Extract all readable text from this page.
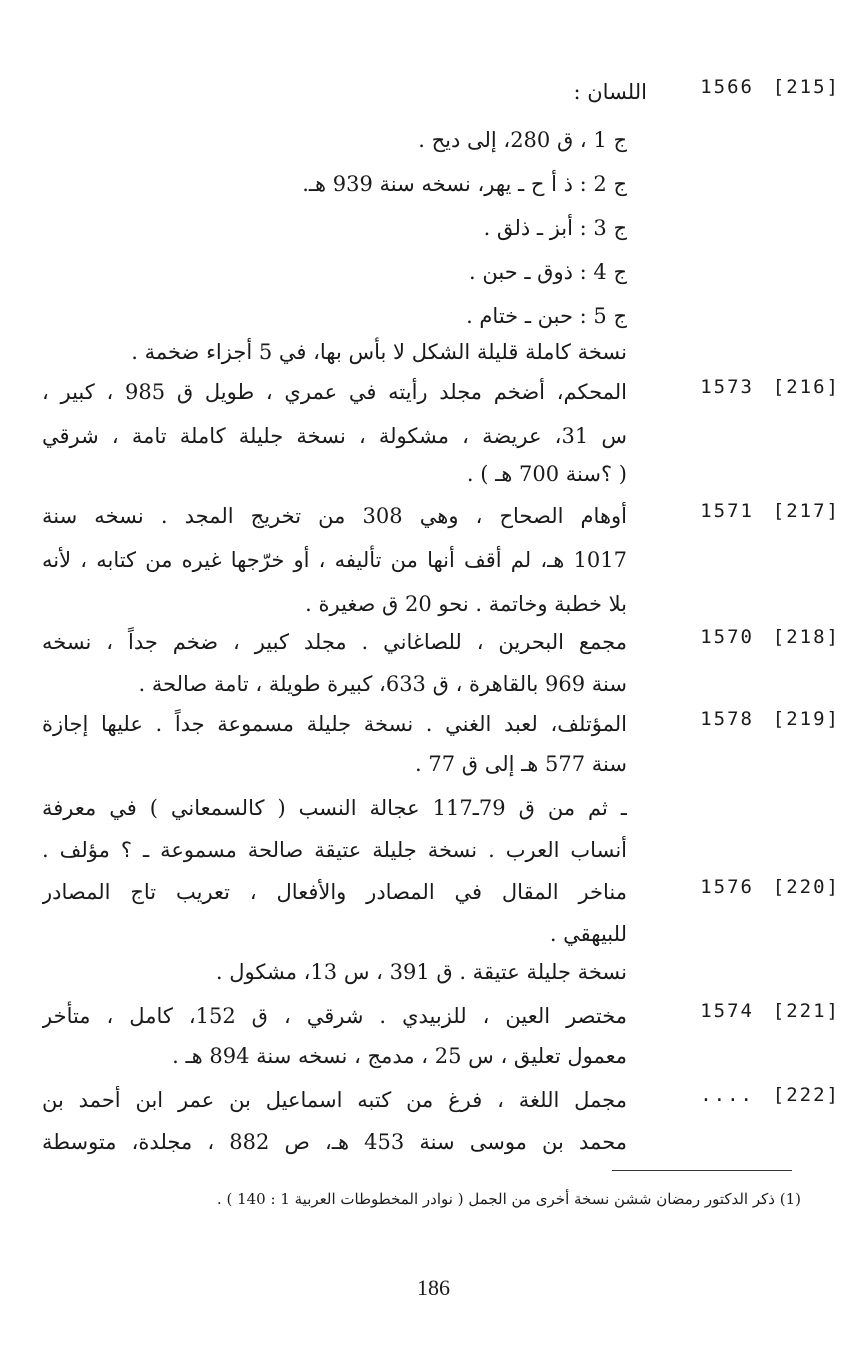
[215]
1566
اللسان :
ج 1 ، ق 280، إلى ديح .
ج 2 : ذ أ ح ـ يهر، نسخه سنة 939 هـ.
ج 3 : أبز ـ ذلق .
ج 4 : ذوق ـ حبن .
ج 5 : حبن ـ ختام .
نسخة كاملة قليلة الشكل لا بأس بها، في 5 أجزاء ضخمة .
[216]
1573
المحكم، أضخم مجلد رأيته في عمري ، طويل ق 985 ، كبير ،
س 31، عريضة ، مشكولة ، نسخة جليلة كاملة تامة ، شرقي
( ؟سنة 700 هـ ) .
[217]
1571
أوهام الصحاح ، وهي 308 من تخريج المجد . نسخه سنة
1017 هـ، لم أقف أنها من تأليفه ، أو خرّجها غيره من كتابه ، لأنه
بلا خطبة وخاتمة . نحو 20 ق صغيرة .
[218]
1570
مجمع البحرين ، للصاغاني . مجلد كبير ، ضخم جداً ، نسخه
سنة 969 بالقاهرة ، ق 633، كبيرة طويلة ، تامة صالحة .
[219]
1578
المؤتلف، لعبد الغني . نسخة جليلة مسموعة جداً . عليها إجازة
سنة 577 هـ إلى ق 77 .
ـ ثم من ق 79ـ117 عجالة النسب ( كالسمعاني ) في معرفة
أنساب العرب . نسخة جليلة عتيقة صالحة مسموعة ـ ؟ مؤلف .
[220]
1576
مناخر المقال في المصادر والأفعال ، تعريب تاج المصادر
للبيهقي .
نسخة جليلة عتيقة . ق 391 ، س 13، مشكول .
[221]
1574
مختصر العين ، للزبيدي . شرقي ، ق 152، كامل ، متأخر
معمول تعليق ، س 25 ، مدمج ، نسخه سنة 894 هـ .
[222]
....
مجمل اللغة ، فرغ من كتبه اسماعيل بن عمر ابن أحمد بن
محمد بن موسى سنة 453 هـ، ص 882 ، مجلدة، متوسطة
(1) ذكر الدكتور رمضان ششن نسخة أخرى من الجمل ( نوادر المخطوطات العربية 1 : 140 ) .
186
